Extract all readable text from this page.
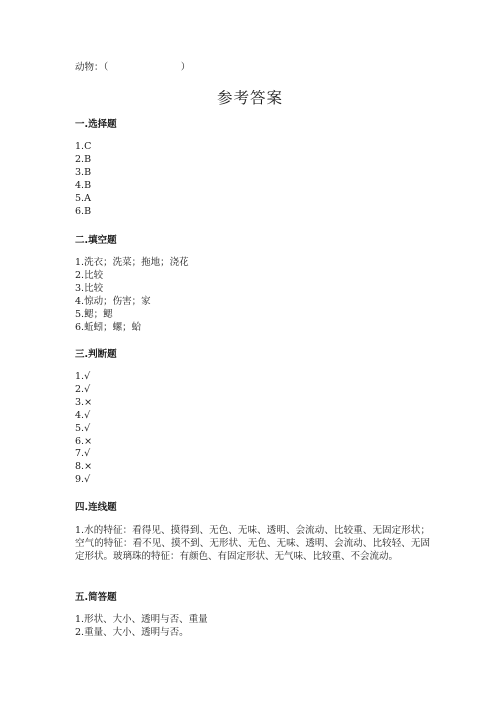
动物：（                        ）
参考答案
一.选择题
1.C
2.B
3.B
4.B
5.A
6.B
二.填空题
1.洗衣；洗菜；拖地；浇花
2.比较
3.比较
4.惊动；伤害；家
5.鳃；鳃
6.蚯蚓；螺；蛤
三.判断题
1.√
2.√
3.×
4.√
5.√
6.×
7.√
8.×
9.√
四.连线题

1.水的特征：看得见、摸得到、无色、无味、透明、会流动、比较重、无固定形状；空气的特征：看不见、摸不到、无形状、无色、无味、透明、会流动、比较轻、无固定形状。玻璃珠的特征：有颜色、有固定形状、无气味、比较重、不会流动。

五.简答题
1.形状、大小、透明与否、重量
2.重量、大小、透明与否。
